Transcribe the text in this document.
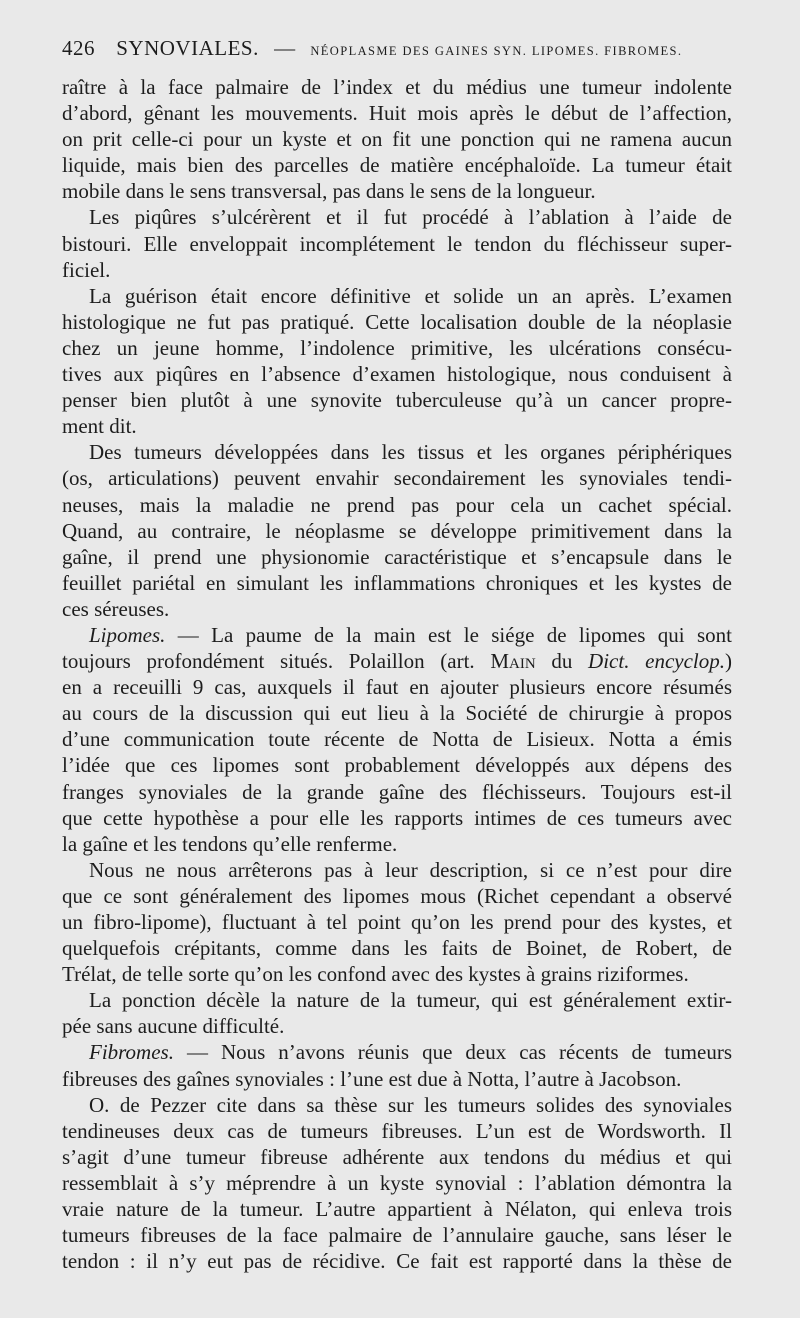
426 SYNOVIALES. — NÉOPLASME DES GAINES SYN. LIPOMES. FIBROMES.
raître à la face palmaire de l’index et du médius une tumeur indolente
d’abord, gênant les mouvements. Huit mois après le début de l’affection,
on prit celle-ci pour un kyste et on fit une ponction qui ne ramena aucun
liquide, mais bien des parcelles de matière encéphaloïde. La tumeur était
mobile dans le sens transversal, pas dans le sens de la longueur.
Les piqûres s’ulcérèrent et il fut procédé à l’ablation à l’aide de
bistouri. Elle enveloppait incomplétement le tendon du fléchisseur super-
ficiel.
La guérison était encore définitive et solide un an après. L’examen
histologique ne fut pas pratiqué. Cette localisation double de la néoplasie
chez un jeune homme, l’indolence primitive, les ulcérations consécu-
tives aux piqûres en l’absence d’examen histologique, nous conduisent à
penser bien plutôt à une synovite tuberculeuse qu’à un cancer propre-
ment dit.
Des tumeurs développées dans les tissus et les organes périphériques
(os, articulations) peuvent envahir secondairement les synoviales tendi-
neuses, mais la maladie ne prend pas pour cela un cachet spécial.
Quand, au contraire, le néoplasme se développe primitivement dans la
gaîne, il prend une physionomie caractéristique et s’encapsule dans le
feuillet pariétal en simulant les inflammations chroniques et les kystes de
ces séreuses.
Lipomes. — La paume de la main est le siége de lipomes qui sont
toujours profondément situés. Polaillon (art. Main du Dict. encyclop.)
en a receuilli 9 cas, auxquels il faut en ajouter plusieurs encore résumés
au cours de la discussion qui eut lieu à la Société de chirurgie à propos
d’une communication toute récente de Notta de Lisieux. Notta a émis
l’idée que ces lipomes sont probablement développés aux dépens des
franges synoviales de la grande gaîne des fléchisseurs. Toujours est-il
que cette hypothèse a pour elle les rapports intimes de ces tumeurs avec
la gaîne et les tendons qu’elle renferme.
Nous ne nous arrêterons pas à leur description, si ce n’est pour dire
que ce sont généralement des lipomes mous (Richet cependant a observé
un fibro-lipome), fluctuant à tel point qu’on les prend pour des kystes, et
quelquefois crépitants, comme dans les faits de Boinet, de Robert, de
Trélat, de telle sorte qu’on les confond avec des kystes à grains riziformes.
La ponction décèle la nature de la tumeur, qui est généralement extir-
pée sans aucune difficulté.
Fibromes. — Nous n’avons réunis que deux cas récents de tumeurs
fibreuses des gaînes synoviales : l’une est due à Notta, l’autre à Jacobson.
O. de Pezzer cite dans sa thèse sur les tumeurs solides des synoviales
tendineuses deux cas de tumeurs fibreuses. L’un est de Wordsworth. Il
s’agit d’une tumeur fibreuse adhérente aux tendons du médius et qui
ressemblait à s’y méprendre à un kyste synovial : l’ablation démontra la
vraie nature de la tumeur. L’autre appartient à Nélaton, qui enleva trois
tumeurs fibreuses de la face palmaire de l’annulaire gauche, sans léser le
tendon : il n’y eut pas de récidive. Ce fait est rapporté dans la thèse de
